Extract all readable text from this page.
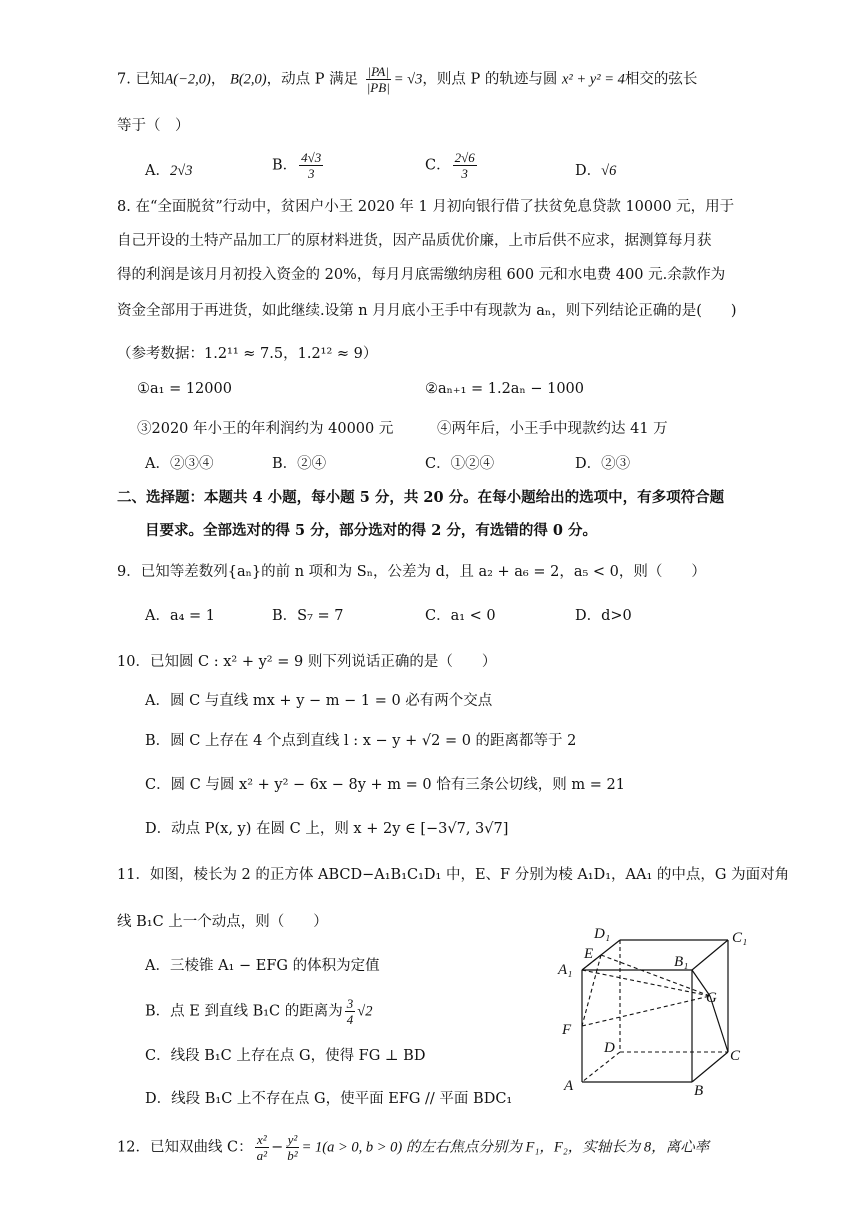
7. 已知A(−2,0)， B(2,0)，动点 P 满足 $\frac{|PA|}{|PB|} = √3$，则点 P 的轨迹与圆 x² + y² = 4相交的弦长
等于（　）
A．2√3	B． $\frac{4√3}{3}$	C． $\frac{2√6}{3}$	D．√6
8. 在“全面脱贫”行动中，贫困户小王 2020 年 1 月初向银行借了扶贫免息贷款 10000 元，用于
自己开设的土特产品加工厂的原材料进货，因产品质优价廉，上市后供不应求，据测算每月获
得的利润是该月月初投入资金的 20%，每月月底需缴纳房租 600 元和水电费 400 元.余款作为
资金全部用于再进货，如此继续.设第 n 月月底小王手中有现款为 aₙ，则下列结论正确的是(　　)
（参考数据：1.2¹¹ ≈ 7.5，1.2¹² ≈ 9）
①a₁ = 12000	②aₙ₊₁ = 1.2aₙ − 1000
③2020 年小王的年利润约为 40000 元	④两年后，小王手中现款约达 41 万
A．②③④	B．②④	C．①②④	D．②③
二、选择题：本题共 4 小题，每小题 5 分，共 20 分。在每小题给出的选项中，有多项符合题
目要求。全部选对的得 5 分，部分选对的得 2 分，有选错的得 0 分。
9．已知等差数列{aₙ}的前 n 项和为 Sₙ，公差为 d，且 a₂ + a₆ = 2，a₅ < 0，则（　　）
A．a₄ = 1	B．S₇ = 7	C．a₁ < 0	D．d>0
10．已知圆 C : x² + y² = 9 则下列说话正确的是（　　）
A．圆 C 与直线 mx + y − m − 1 = 0 必有两个交点
B．圆 C 上存在 4 个点到直线 l : x − y + √2 = 0 的距离都等于 2
C．圆 C 与圆 x² + y² − 6x − 8y + m = 0 恰有三条公切线，则 m = 21
D．动点 P(x, y) 在圆 C 上，则 x + 2y ∈ [−3√7, 3√7]
11．如图，棱长为 2 的正方体 ABCD−A₁B₁C₁D₁ 中，E、F 分别为棱 A₁D₁，AA₁ 的中点，G 为面对角
线 B₁C 上一个动点，则（　　）
A．三棱锥 A₁ − EFG 的体积为定值
B．点 E 到直线 B₁C 的距离为 $\frac{3}{4} √2$
C．线段 B₁C 上存在点 G，使得 FG ⊥ BD
D．线段 B₁C 上不存在点 G，使平面 EFG // 平面 BDC₁
D₁	C₁
A₁	B₁
E
G
F
D	C
A	B
12．已知双曲线 C： $\frac{\text{x²}}{\text{a²}} - \frac{\text{y²}}{\text{b²}} = 1(a > 0$, b > 0) 的左右焦点分别为 F₁，F₂，实轴长为 8，离心率
